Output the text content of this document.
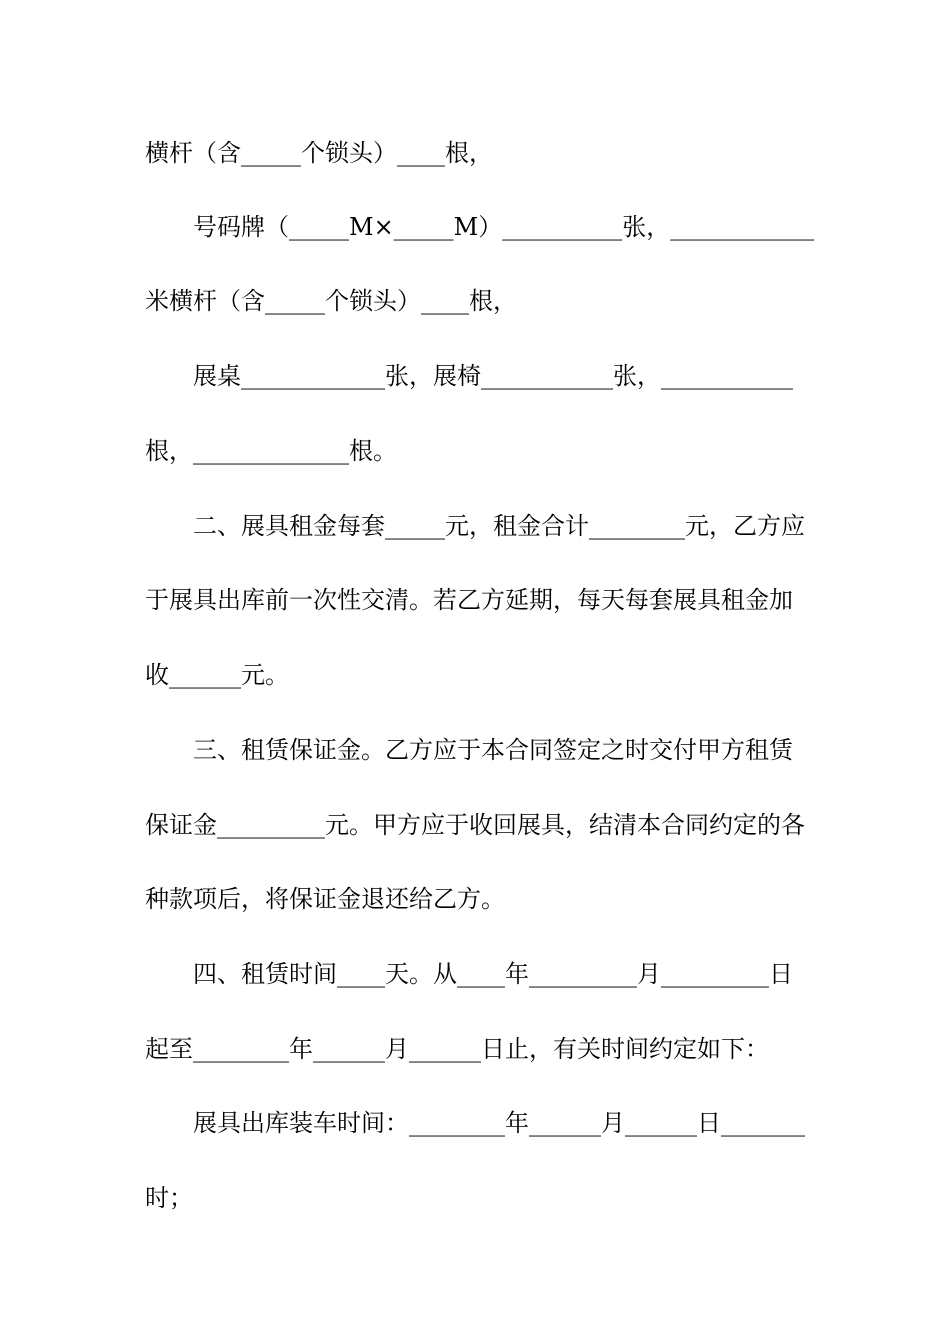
横杆（含_____个锁头）____根，

号码牌（_____M×_____M）__________张，____________

米横杆（含_____个锁头）____根，

展桌____________张，展椅___________张，___________

根，_____________根。

二、展具租金每套_____元，租金合计________元，乙方应

于展具出库前一次性交清。若乙方延期，每天每套展具租金加

收______元。

三、租赁保证金。乙方应于本合同签定之时交付甲方租赁

保证金_________元。甲方应于收回展具，结清本合同约定的各

种款项后，将保证金退还给乙方。

四、租赁时间____天。从____年_________月_________日

起至________年______月______日止，有关时间约定如下：

展具出库装车时间：________年______月______日_______

时；
